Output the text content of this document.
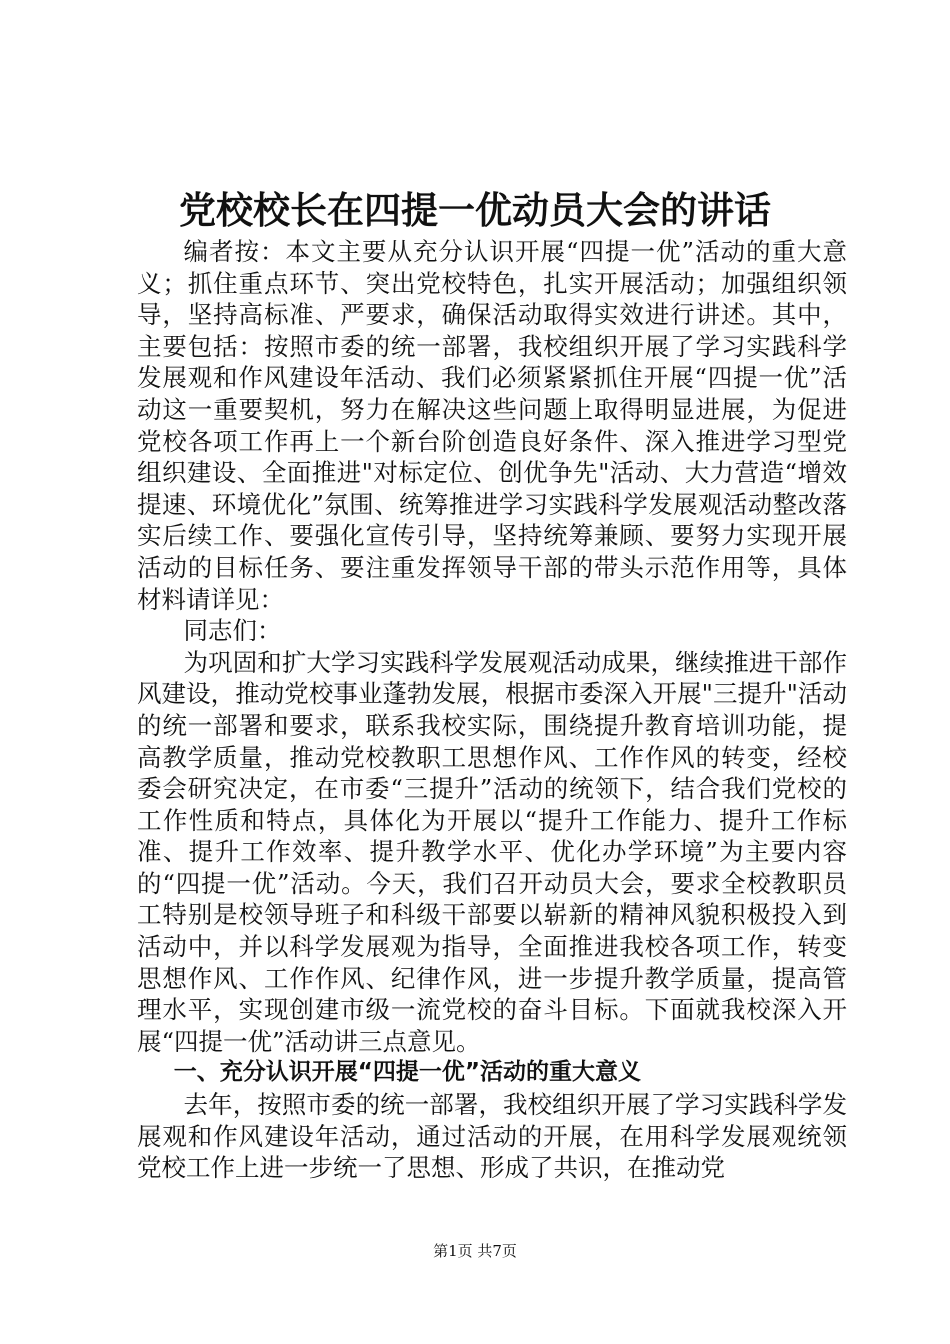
党校校长在四提一优动员大会的讲话

编者按：本文主要从充分认识开展“四提一优”活动的重大意义；抓住重点环节、突出党校特色，扎实开展活动；加强组织领导，坚持高标准、严要求，确保活动取得实效进行讲述。其中，主要包括：按照市委的统一部署，我校组织开展了学习实践科学发展观和作风建设年活动、我们必须紧紧抓住开展“四提一优”活动这一重要契机，努力在解决这些问题上取得明显进展，为促进党校各项工作再上一个新台阶创造良好条件、深入推进学习型党组织建设、全面推进"对标定位、创优争先"活动、大力营造“增效提速、环境优化”氛围、统筹推进学习实践科学发展观活动整改落实后续工作、要强化宣传引导，坚持统筹兼顾、要努力实现开展活动的目标任务、要注重发挥领导干部的带头示范作用等，具体材料请详见：

同志们：

为巩固和扩大学习实践科学发展观活动成果，继续推进干部作风建设，推动党校事业蓬勃发展，根据市委深入开展"三提升"活动的统一部署和要求，联系我校实际，围绕提升教育培训功能，提高教学质量，推动党校教职工思想作风、工作作风的转变，经校委会研究决定，在市委“三提升”活动的统领下，结合我们党校的工作性质和特点，具体化为开展以“提升工作能力、提升工作标准、提升工作效率、提升教学水平、优化办学环境”为主要内容的“四提一优”活动。今天，我们召开动员大会，要求全校教职员工特别是校领导班子和科级干部要以崭新的精神风貌积极投入到活动中，并以科学发展观为指导，全面推进我校各项工作，转变思想作风、工作作风、纪律作风，进一步提升教学质量，提高管理水平，实现创建市级一流党校的奋斗目标。下面就我校深入开展“四提一优”活动讲三点意见。

一、充分认识开展“四提一优”活动的重大意义

去年，按照市委的统一部署，我校组织开展了学习实践科学发展观和作风建设年活动，通过活动的开展，在用科学发展观统领党校工作上进一步统一了思想、形成了共识，在推动党

第1页 共7页
